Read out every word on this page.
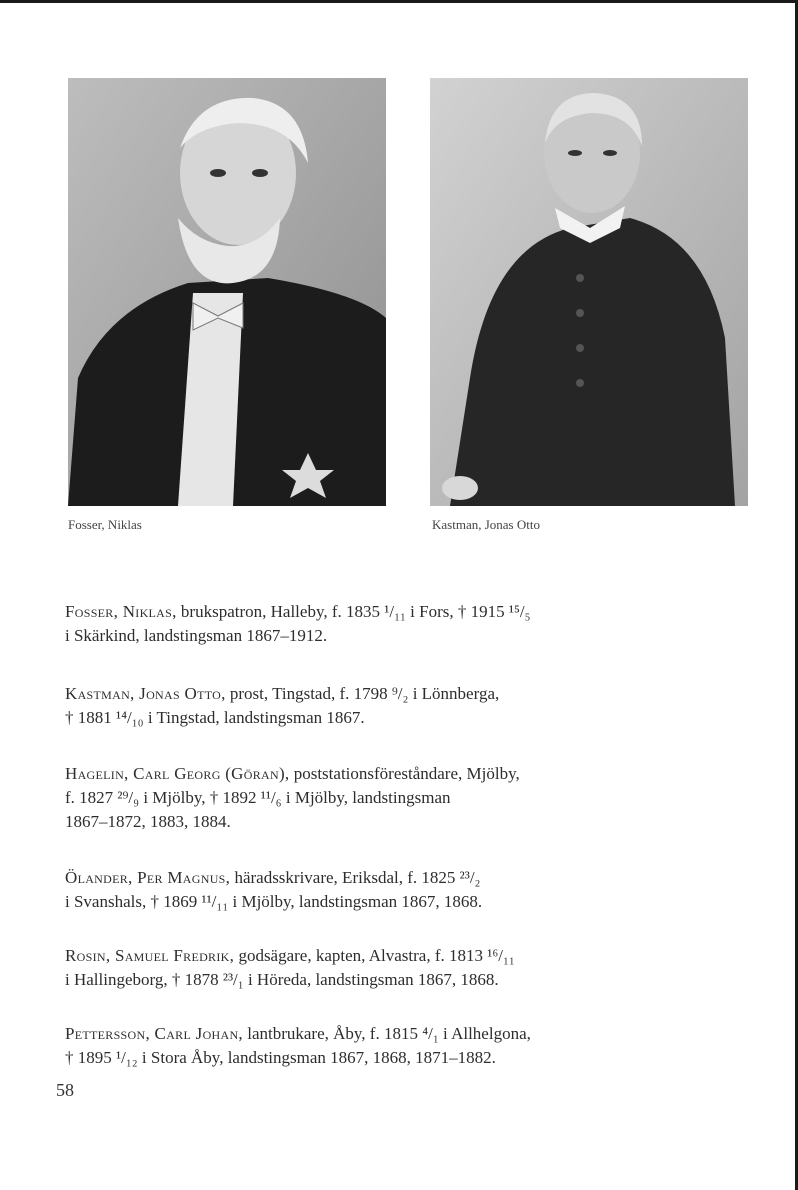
Fosser, Niklas	Kastman, Jonas Otto

Fosser, Niklas, brukspatron, Halleby, f. 1835 ¹/₁₁ i Fors, † 1915 ¹⁵/₅
i Skärkind, landstingsman 1867–1912.

Kastman, Jonas Otto, prost, Tingstad, f. 1798 ⁹/₂ i Lönnberga,
† 1881 ¹⁴/₁₀ i Tingstad, landstingsman 1867.

Hagelin, Carl Georg (Göran), poststationsföreståndare, Mjölby,
f. 1827 ²⁹/₉ i Mjölby, † 1892 ¹¹/₆ i Mjölby, landstingsman
1867–1872, 1883, 1884.

Ölander, Per Magnus, häradsskrivare, Eriksdal, f. 1825 ²³/₂
i Svanshals, † 1869 ¹¹/₁₁ i Mjölby, landstingsman 1867, 1868.

Rosin, Samuel Fredrik, godsägare, kapten, Alvastra, f. 1813 ¹⁶/₁₁
i Hallingeborg, † 1878 ²³/₁ i Höreda, landstingsman 1867, 1868.

Pettersson, Carl Johan, lantbrukare, Åby, f. 1815 ⁴/₁ i Allhelgona,
† 1895 ¹/₁₂ i Stora Åby, landstingsman 1867, 1868, 1871–1882.

58
